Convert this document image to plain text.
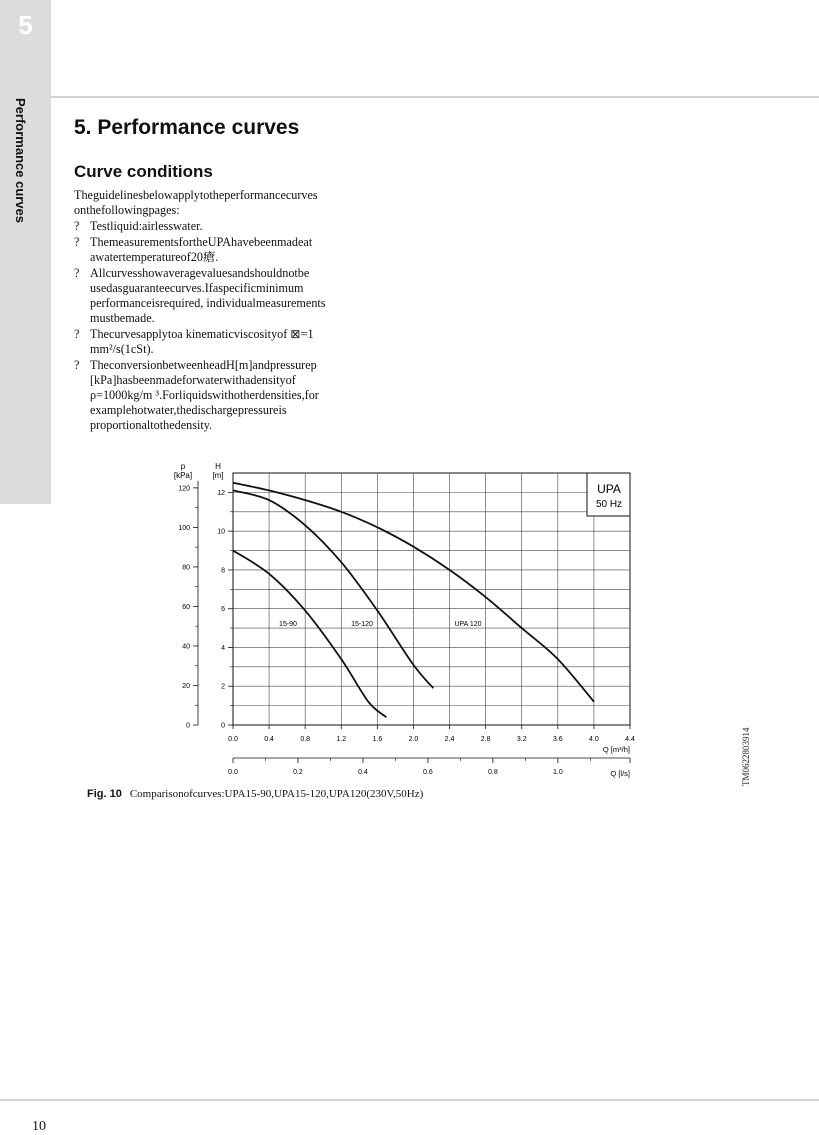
5
Performance curves 5. Performance curves
Curve conditions

Theguidelinesbelowapplytotheperformancecurves

onthefollowingpages:

? Testliquid:airlesswater.
? ThemeasurementsfortheUPAhavebeenmadeat
awatertemperatureof20瘡.
? Allcurvesshowaveragevaluesandshouldnotbe
usedasguaranteecurves.Ifaspecificminimum
performanceisrequired, individualmeasurements
mustbemade.
? Thecurvesapplytoa kinematicviscosityof ⊠=1
mm²/s(1cSt).
? TheconversionbetweenheadH[m]andpressurep
[kPa]hasbeenmadeforwaterwithadensityof
ρ=1000kg/m ³.Forliquidswithotherdensities,for
examplehotwater,thedischargepressureis
proportionaltothedensity.
p
[kPa]
H
[m]
Q [m³/h]
Q [l/s]
0.0	0.4	0.8	1.2	1.6	2.0	2.4	2.8	3.2	3.6	4.0	4.4
0
2
4
6
8
10
12
0
20
40
60
80
100
120
0.0	0.2	0.4	0.6	0.8	1.0
15-90	15-120	UPA 120
UPA
50 Hz
TM06228039​14
Fig. 10 Comparisonofcurves:UPA15-90,UPA15-120,UPA120(230V,50Hz)
10
